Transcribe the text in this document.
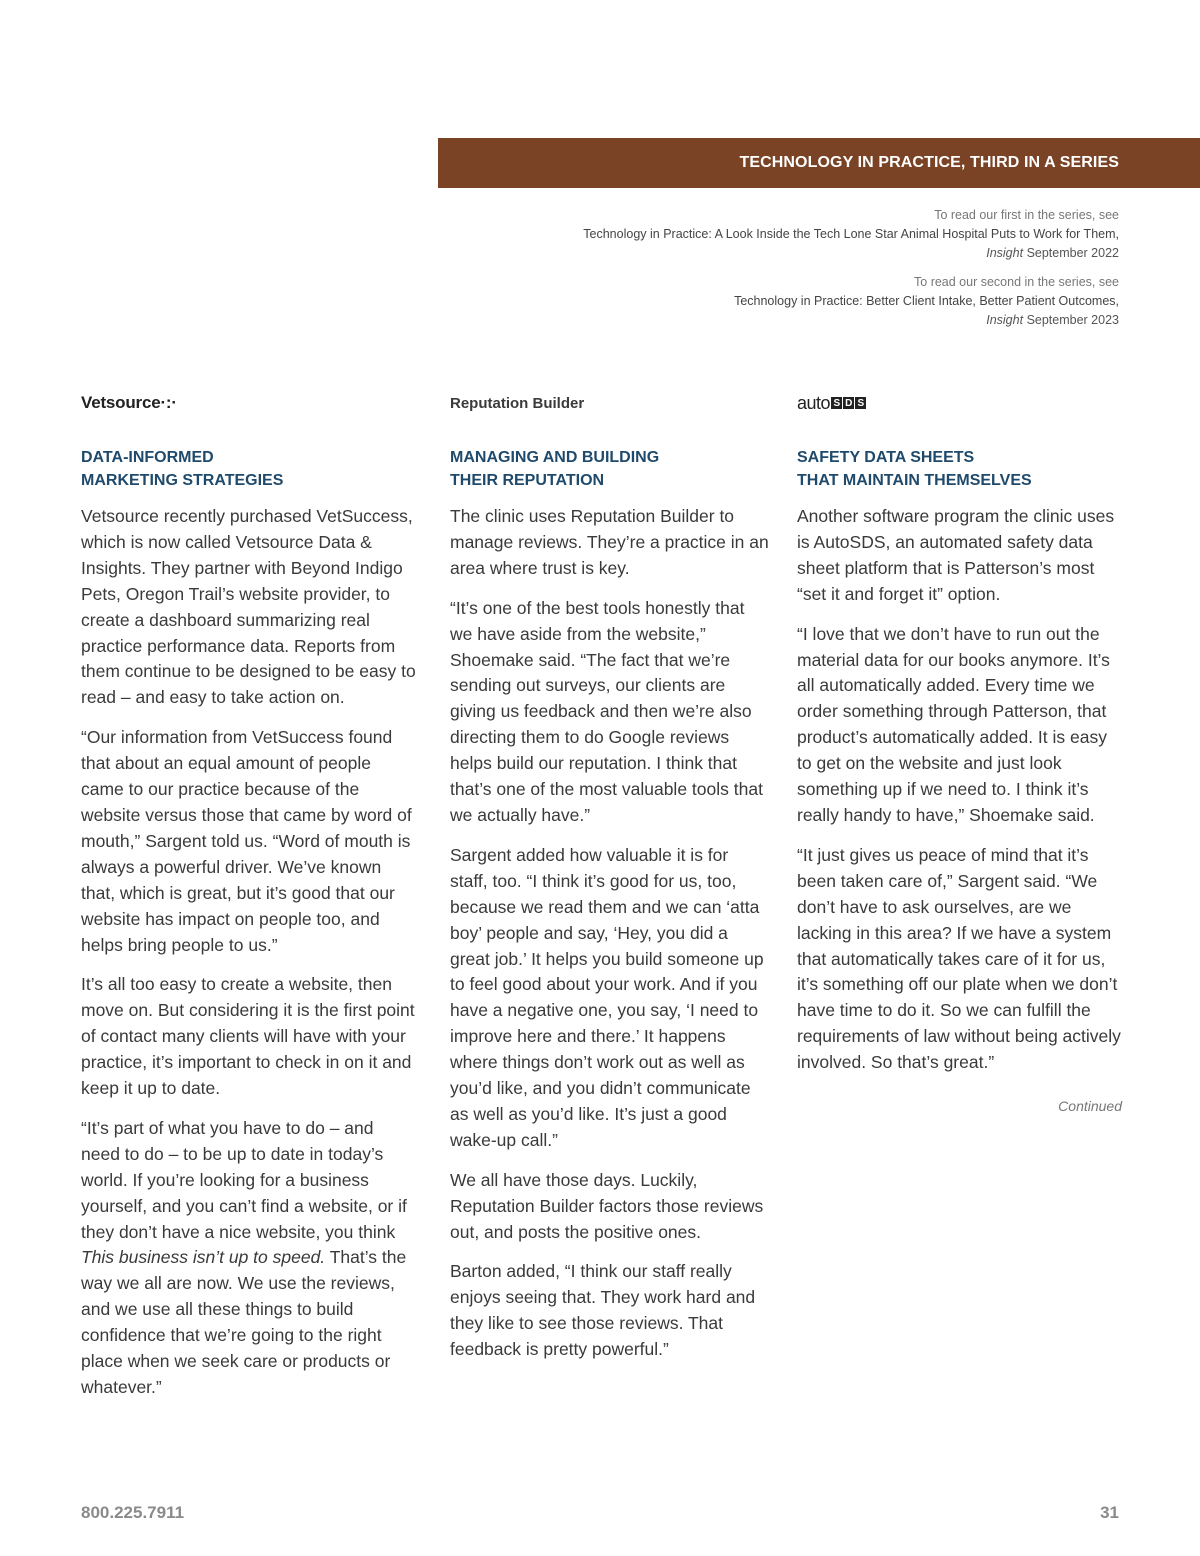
TECHNOLOGY IN PRACTICE, THIRD IN A SERIES
To read our first in the series, see
Technology in Practice: A Look Inside the Tech Lone Star Animal Hospital Puts to Work for Them,
Insight September 2022
To read our second in the series, see
Technology in Practice: Better Client Intake, Better Patient Outcomes,
Insight September 2023
Vetsource ·:·
DATA-INFORMED
MARKETING STRATEGIES

Vetsource recently purchased VetSuccess, which is now called Vetsource Data & Insights. They partner with Beyond Indigo Pets, Oregon Trail’s website provider, to create a dashboard summarizing real practice performance data. Reports from them continue to be designed to be easy to read – and easy to take action on.

“Our information from VetSuccess found that about an equal amount of people came to our practice because of the website versus those that came by word of mouth,” Sargent told us. “Word of mouth is always a powerful driver. We’ve known that, which is great, but it’s good that our website has impact on people too, and helps bring people to us.”

It’s all too easy to create a website, then move on. But considering it is the first point of contact many clients will have with your practice, it’s important to check in on it and keep it up to date.

“It’s part of what you have to do – and need to do – to be up to date in today’s world. If you’re looking for a business yourself, and you can’t find a website, or if they don’t have a nice website, you think This business isn’t up to speed. That’s the way we all are now. We use the reviews, and we use all these things to build confidence that we’re going to the right place when we seek care or products or whatever.”

Reputation Builder
MANAGING AND BUILDING
THEIR REPUTATION

The clinic uses Reputation Builder to manage reviews. They’re a practice in an area where trust is key.

“It’s one of the best tools honestly that we have aside from the website,” Shoemake said. “The fact that we’re sending out surveys, our clients are giving us feedback and then we’re also directing them to do Google reviews helps build our reputation. I think that that’s one of the most valuable tools that we actually have.”

Sargent added how valuable it is for staff, too. “I think it’s good for us, too, because we read them and we can ‘atta boy’ people and say, ‘Hey, you did a great job.’ It helps you build someone up to feel good about your work. And if you have a negative one, you say, ‘I need to improve here and there.’ It happens where things don’t work out as well as you’d like, and you didn’t communicate as well as you’d like. It’s just a good wake-up call.”

We all have those days. Luckily, Reputation Builder factors those reviews out, and posts the positive ones.

Barton added, “I think our staff really enjoys seeing that. They work hard and they like to see those reviews. That feedback is pretty powerful.”

auto S D S
SAFETY DATA SHEETS
THAT MAINTAIN THEMSELVES

Another software program the clinic uses is AutoSDS, an automated safety data sheet platform that is Patterson’s most “set it and forget it” option.

“I love that we don’t have to run out the material data for our books anymore. It’s all automatically added. Every time we order something through Patterson, that product’s automatically added. It is easy to get on the website and just look something up if we need to. I think it’s really handy to have,” Shoemake said.

“It just gives us peace of mind that it’s been taken care of,” Sargent said. “We don’t have to ask ourselves, are we lacking in this area? If we have a system that automatically takes care of it for us, it’s something off our plate when we don’t have time to do it. So we can fulfill the requirements of law without being actively involved. So that’s great.”

Continued
800.225.7911	31
